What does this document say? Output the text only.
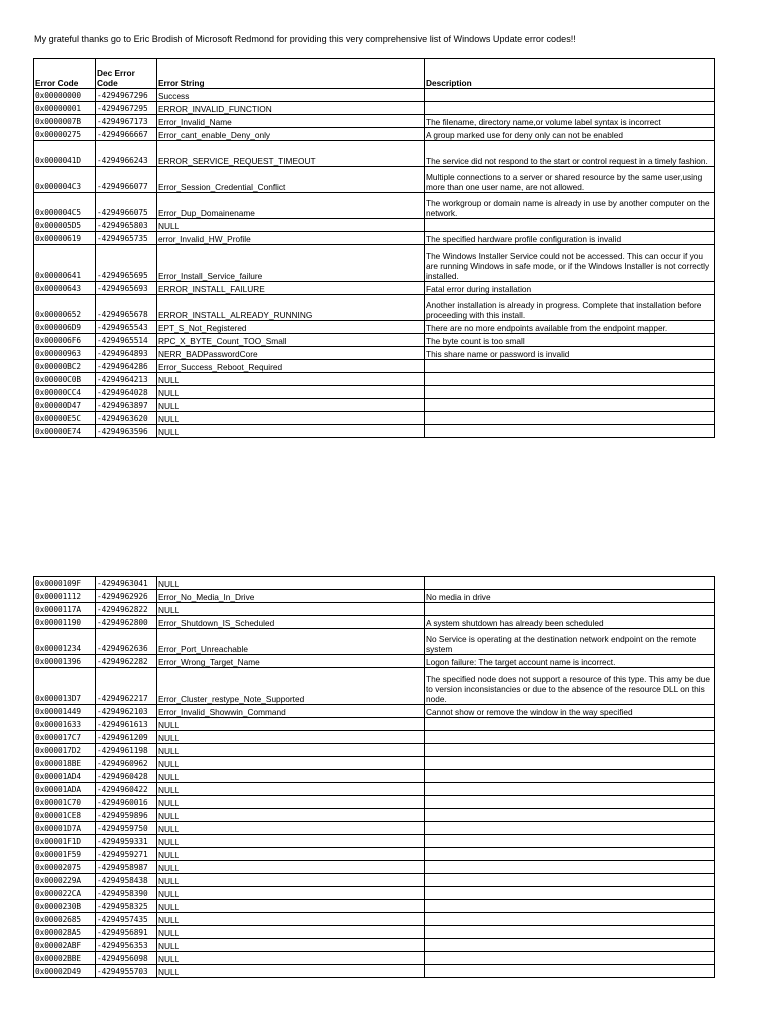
My grateful thanks go to Eric Brodish of Microsoft Redmond for providing this very comprehensive list of Windows Update error codes!!
Error Code	Dec Error Code	Error String	Description
0x00000000	-4294967296	Success	
0x00000001	-4294967295	ERROR_INVALID_FUNCTION	
0x0000007B	-4294967173	Error_Invalid_Name	The filename, directory name,or volume label syntax is incorrect
0x00000275	-4294966667	Error_cant_enable_Deny_only	A group marked use for deny only can not be enabled
0x0000041D	-4294966243	ERROR_SERVICE_REQUEST_TIMEOUT	The service did not respond to the start or control request in a timely fashion.
0x000004C3	-4294966077	Error_Session_Credential_Conflict	Multiple connections to a server or shared resource by the same user,using more than one user name, are not allowed.
0x000004C5	-4294966075	Error_Dup_Domainename	The workgroup or domain name is already in use by another computer on the network.
0x000005D5	-4294965803	NULL	
0x00000619	-4294965735	error_Invalid_HW_Profile	The specified hardware profile configuration is invalid
0x00000641	-4294965695	Error_Install_Service_failure	The Windows Installer Service could not be accessed. This can occur if you are running Windows in safe mode, or if the Windows Installer is not correctly installed.
0x00000643	-4294965693	ERROR_INSTALL_FAILURE	Fatal error during installation
0x00000652	-4294965678	ERROR_INSTALL_ALREADY_RUNNING	Another installation is already in progress. Complete that installation before proceeding with this install.
0x000006D9	-4294965543	EPT_S_Not_Registered	There are no more endpoints available from the endpoint mapper.
0x000006F6	-4294965514	RPC_X_BYTE_Count_TOO_Small	The byte count is too small
0x00000963	-4294964893	NERR_BADPasswordCore	This share name or password is invalid
0x00000BC2	-4294964286	Error_Success_Reboot_Required	
0x00000C0B	-4294964213	NULL	
0x00000CC4	-4294964028	NULL	
0x00000D47	-4294963897	NULL	
0x00000E5C	-4294963620	NULL	
0x00000E74	-4294963596	NULL	
0x0000109F	-4294963041	NULL	
0x00001112	-4294962926	Error_No_Media_In_Drive	No media in drive
0x0000117A	-4294962822	NULL	
0x00001190	-4294962800	Error_Shutdown_IS_Scheduled	A system shutdown has already been scheduled
0x00001234	-4294962636	Error_Port_Unreachable	No Service is operating at the destination network endpoint on the remote system
0x00001396	-4294962282	Error_Wrong_Target_Name	Logon failure: The target account name is incorrect.
0x000013D7	-4294962217	Error_Cluster_restype_Note_Supported	The specified node does not support a resource of this type. This amy be due to version inconsistancies or due to the absence of the resource DLL on this node.
0x00001449	-4294962103	Error_Invalid_Showwin_Command	Cannot show or remove the window in the way specified
0x00001633	-4294961613	NULL	
0x000017C7	-4294961209	NULL	
0x000017D2	-4294961198	NULL	
0x000018BE	-4294960962	NULL	
0x00001AD4	-4294960428	NULL	
0x00001ADA	-4294960422	NULL	
0x00001C70	-4294960016	NULL	
0x00001CE8	-4294959896	NULL	
0x00001D7A	-4294959750	NULL	
0x00001F1D	-4294959331	NULL	
0x00001F59	-4294959271	NULL	
0x00002075	-4294958987	NULL	
0x0000229A	-4294958438	NULL	
0x000022CA	-4294958390	NULL	
0x0000230B	-4294958325	NULL	
0x00002685	-4294957435	NULL	
0x000028A5	-4294956891	NULL	
0x00002ABF	-4294956353	NULL	
0x00002BBE	-4294956098	NULL	
0x00002D49	-4294955703	NULL	
